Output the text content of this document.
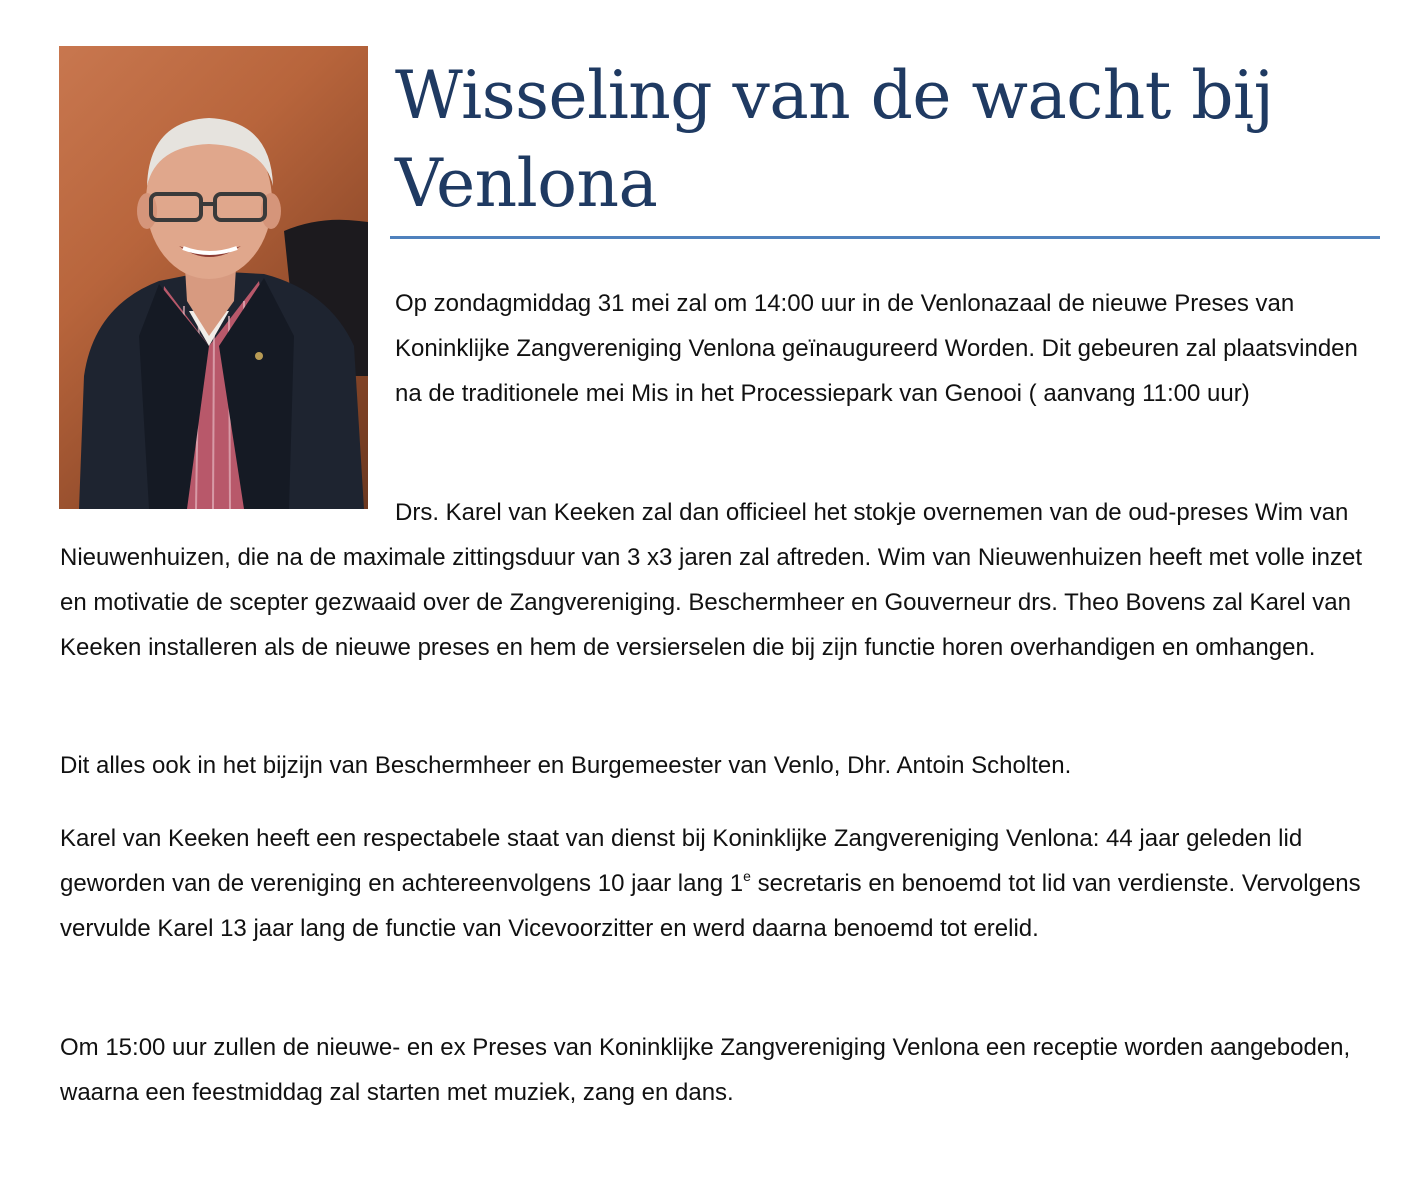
Wisseling van de wacht bij Venlona

Op zondagmiddag 31 mei zal om 14:00 uur in de Venlonazaal de nieuwe Preses van Koninklijke Zangvereniging Venlona geïnaugureerd Worden. Dit gebeuren zal plaatsvinden na de traditionele mei Mis in het Processiepark van Genooi ( aanvang 11:00 uur)

Drs. Karel van Keeken zal dan officieel het stokje overnemen van de oud-preses Wim van Nieuwenhuizen, die na de maximale zittingsduur van 3 x3 jaren zal aftreden. Wim van Nieuwenhuizen heeft met volle inzet en motivatie de scepter gezwaaid over de Zangvereniging. Beschermheer en Gouverneur drs. Theo Bovens zal Karel van Keeken installeren als de nieuwe preses en hem de versierselen die bij zijn functie horen overhandigen en omhangen.

Dit alles ook in het bijzijn van Beschermheer en Burgemeester van Venlo, Dhr. Antoin Scholten.

Karel van Keeken heeft een respectabele staat van dienst bij Koninklijke Zangvereniging Venlona: 44 jaar geleden lid geworden van de vereniging en achtereenvolgens 10 jaar lang 1e secretaris en benoemd tot lid van verdienste. Vervolgens vervulde Karel 13 jaar lang de functie van Vicevoorzitter en werd daarna benoemd tot erelid.

Om 15:00 uur zullen de nieuwe- en ex Preses van Koninklijke Zangvereniging Venlona een receptie worden aangeboden, waarna een feestmiddag zal starten met muziek, zang en dans.
